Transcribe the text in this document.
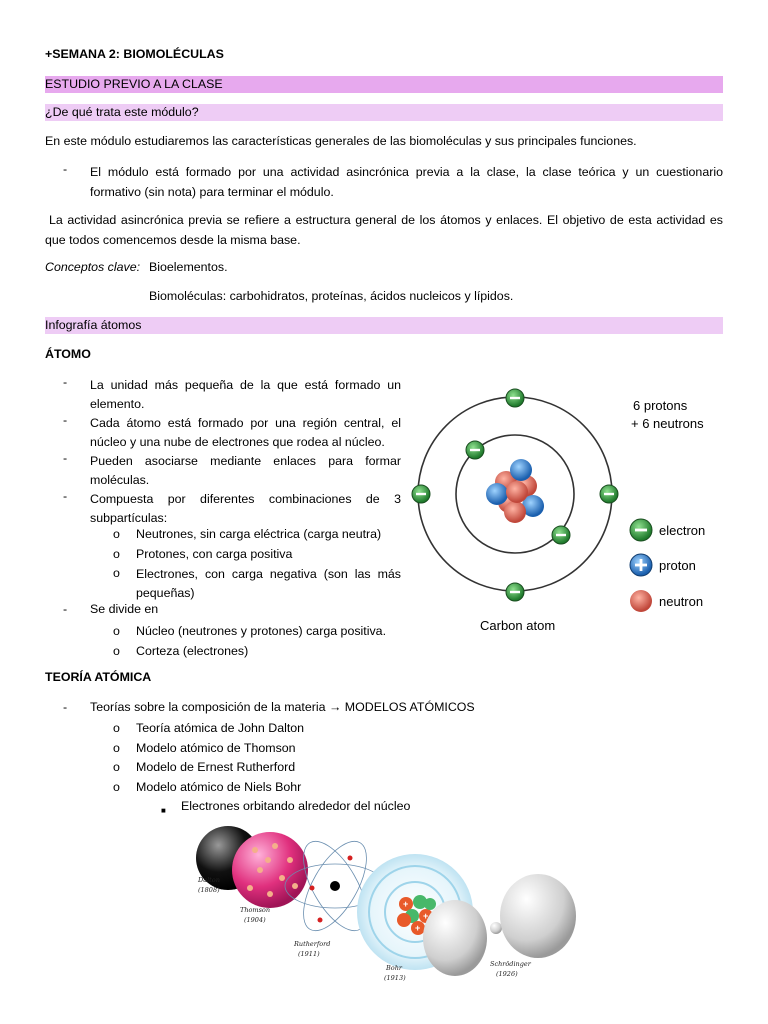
+SEMANA 2: BIOMOLÉCULAS
ESTUDIO PREVIO A LA CLASE
¿De qué trata este módulo?
En este módulo estudiaremos las características generales de las biomoléculas y sus principales funciones.
- El módulo está formado por una actividad asincrónica previa a la clase, la clase teórica y un cuestionario
formativo (sin nota) para terminar el módulo.
La actividad asincrónica previa se refiere a estructura general de los átomos y enlaces. El objetivo de esta actividad es
que todos comencemos desde la misma base.
Conceptos clave: Bioelementos.
Biomoléculas: carbohidratos, proteínas, ácidos nucleicos y lípidos.
Infografía átomos
ÁTOMO
- La unidad más pequeña de la que está formado un
elemento.
- Cada átomo está formado por una región central, el
núcleo y una nube de electrones que rodea al núcleo.
- Pueden asociarse mediante enlaces para formar
moléculas.
- Compuesta por diferentes combinaciones de 3
subpartículas:
o Neutrones, sin carga eléctrica (carga neutra)
o Protones, con carga positiva
o Electrones, con carga negativa (son las más
pequeñas)
- Se divide en
o Núcleo (neutrones y protones) carga positiva.
o Corteza (electrones)
TEORÍA ATÓMICA
- Teorías sobre la composición de la materia → MODELOS ATÓMICOS
o Teoría atómica de John Dalton
o Modelo atómico de Thomson
o Modelo de Ernest Rutherford
o Modelo atómico de Niels Bohr
■ Electrones orbitando alrededor del núcleo
6 protons
+ 6 neutrons
electron
proton
neutron
Carbon atom
+
+
+
Dalton
(1808)
Thomson
(1904)
Rutherford
(1911)
Bohr
(1913)
Schrödinger
(1926)
